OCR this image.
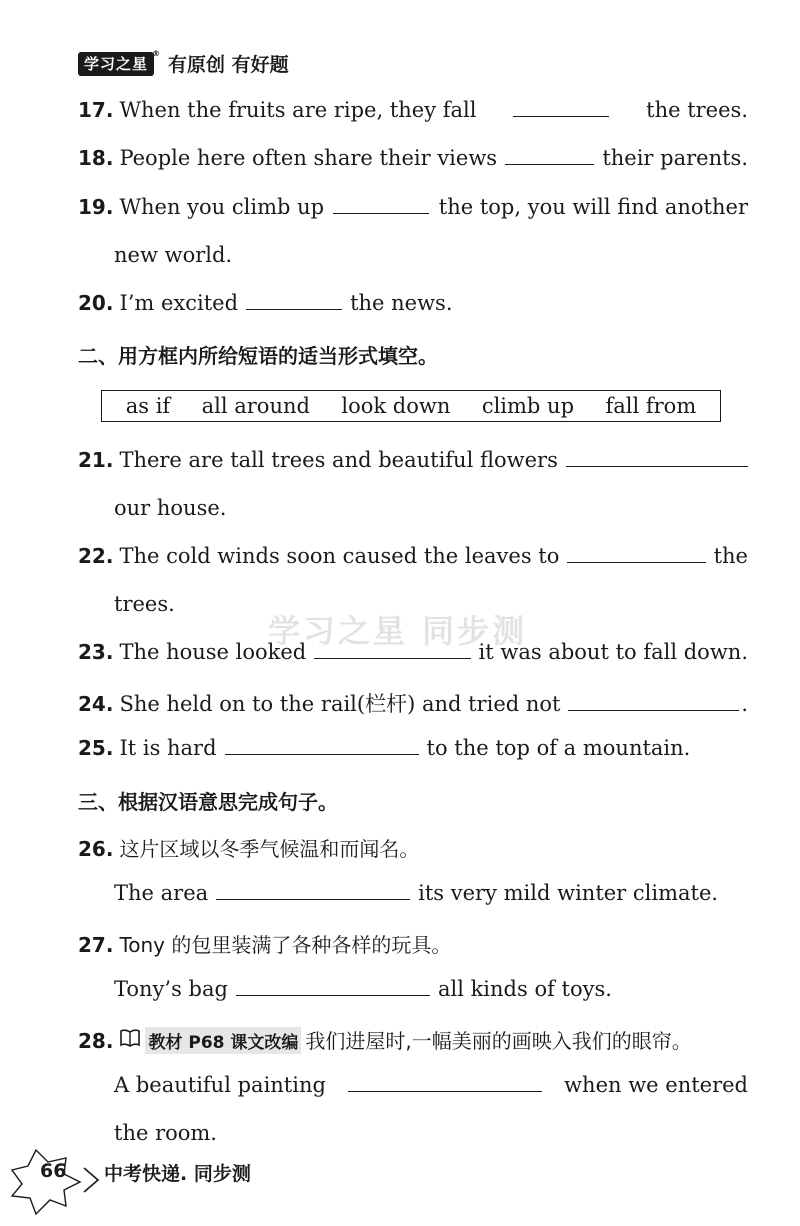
学习之星
®
有原创 有好题
17. When the fruits are ripe, they fall	the trees.
18. People here often share their views	their parents.
19. When you climb up	the top, you will find another
new world.
20. I’m excited	the news.
二、用方框内所给短语的适当形式填空。
as if all around look down climb up fall from
21. There are tall trees and beautiful flowers
our house.
22. The cold winds soon caused the leaves to	the
trees.
学习之星 同步测
23. The house looked	it was about to fall down.
24. She held on to the rail(栏杆) and tried not	.
25. It is hard	to the top of a mountain.
三、根据汉语意思完成句子。
26. 这片区域以冬季气候温和而闻名。
The area	its very mild winter climate.
27. Tony 的包里装满了各种各样的玩具。
Tony’s bag	all kinds of toys.
28. 教材 P68 课文改编 我们进屋时,一幅美丽的画映入我们的眼帘。
A beautiful painting	when we entered
the room.
66 中考快递. 同步测
